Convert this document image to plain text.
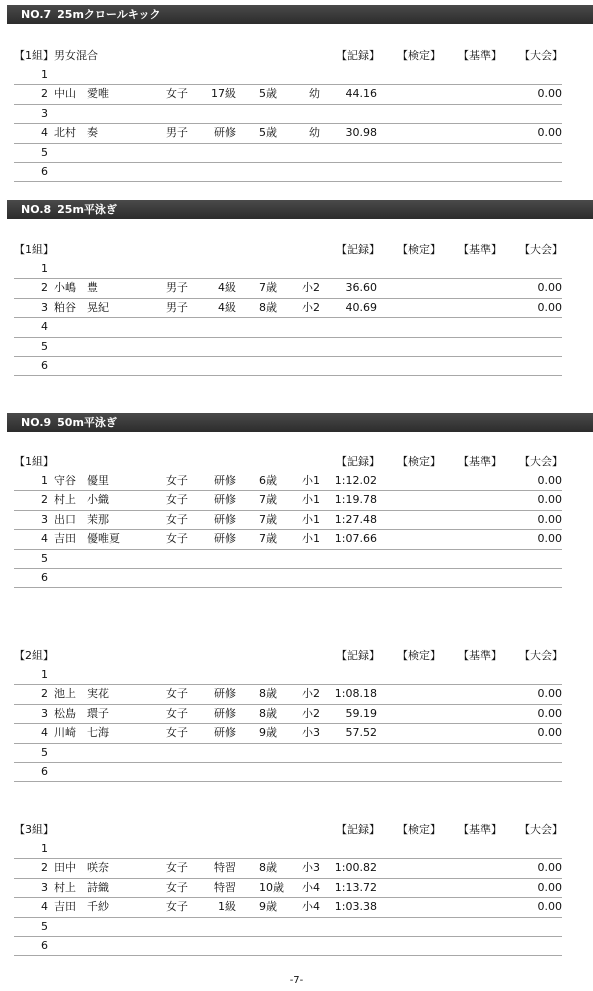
NO.7 25mクロールキック
【1組】男女混合	【記録】 【検定】 【基準】 【大会】
1
2 中山　愛唯	女子 17級 5歳	幼 44.16	0.00
3
4 北村　奏	男子 研修 5歳	幼 30.98	0.00
5
6
NO.8 25m平泳ぎ
【1組】	【記録】 【検定】 【基準】 【大会】
1
2 小嶋　豊	男子	4級 7歳 小2 36.60	0.00
3 粕谷　晃紀	男子	4級 8歳 小2 40.69	0.00
4
5
6
NO.9 50m平泳ぎ
【1組】	【記録】 【検定】 【基準】 【大会】
1 守谷　優里	女子 研修 6歳 小1 1:12.02	0.00
2 村上　小織	女子 研修 7歳 小1 1:19.78	0.00
3 出口　茉那	女子 研修 7歳 小1 1:27.48	0.00
4 吉田　優唯夏	女子 研修 7歳 小1 1:07.66	0.00
5
6
【2組】	【記録】 【検定】 【基準】 【大会】
1
2 池上　実花	女子 研修 8歳 小2 1:08.18	0.00
3 松島　環子	女子 研修 8歳 小2 59.19	0.00
4 川崎　七海	女子 研修 9歳 小3 57.52	0.00
5
6
【3組】	【記録】 【検定】 【基準】 【大会】
1
2 田中　咲奈	女子 特習 8歳 小3 1:00.82	0.00
3 村上　詩織	女子 特習 10歳 小4 1:13.72	0.00
4 吉田　千紗	女子	1級 9歳 小4 1:03.38	0.00
5
6
-7-
